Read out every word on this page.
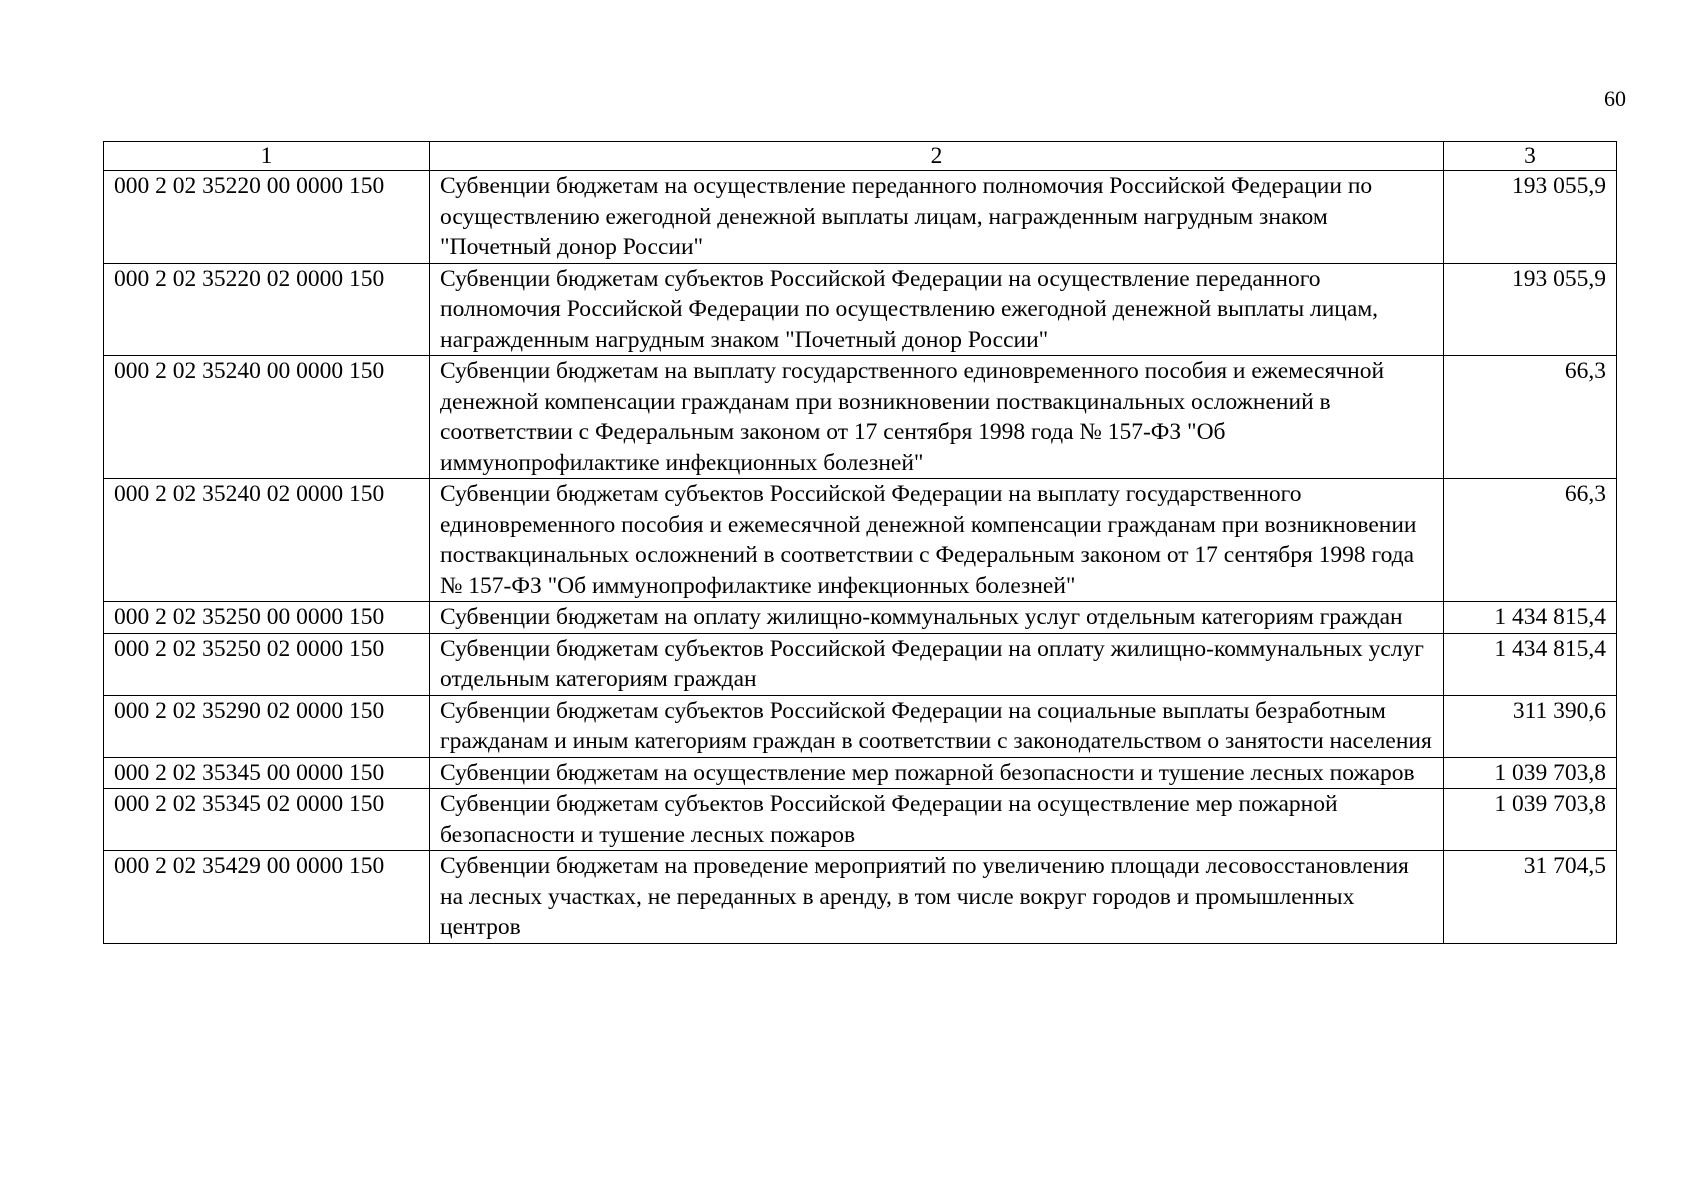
60
1	2	3
000 2 02 35220 00 0000 150	Субвенции бюджетам на осуществление переданного полномочия Российской Федерации по осуществлению ежегодной денежной выплаты лицам, награжденным нагрудным знаком "Почетный донор России"	193 055,9
000 2 02 35220 02 0000 150	Субвенции бюджетам субъектов Российской Федерации на осуществление переданного полномочия Российской Федерации по осуществлению ежегодной денежной выплаты лицам, награжденным нагрудным знаком "Почетный донор России"	193 055,9
000 2 02 35240 00 0000 150	Субвенции бюджетам на выплату государственного единовременного пособия и ежемесячной денежной компенсации гражданам при возникновении поствакцинальных осложнений в соответствии с Федеральным законом от 17 сентября 1998 года № 157-ФЗ "Об иммунопрофилактике инфекционных болезней"	66,3
000 2 02 35240 02 0000 150	Субвенции бюджетам субъектов Российской Федерации на выплату государственного единовременного пособия и ежемесячной денежной компенсации гражданам при возникновении поствакцинальных осложнений в соответствии с Федеральным законом от 17 сентября 1998 года № 157-ФЗ "Об иммунопрофилактике инфекционных болезней"	66,3
000 2 02 35250 00 0000 150	Субвенции бюджетам на оплату жилищно-коммунальных услуг отдельным категориям граждан	1 434 815,4
000 2 02 35250 02 0000 150	Субвенции бюджетам субъектов Российской Федерации на оплату жилищно-коммунальных услуг отдельным категориям граждан	1 434 815,4
000 2 02 35290 02 0000 150	Субвенции бюджетам субъектов Российской Федерации на социальные выплаты безработным гражданам и иным категориям граждан в соответствии с законодательством о занятости населения	311 390,6
000 2 02 35345 00 0000 150	Субвенции бюджетам на осуществление мер пожарной безопасности и тушение лесных пожаров	1 039 703,8
000 2 02 35345 02 0000 150	Субвенции бюджетам субъектов Российской Федерации на осуществление мер пожарной безопасности и тушение лесных пожаров	1 039 703,8
000 2 02 35429 00 0000 150	Субвенции бюджетам на проведение мероприятий по увеличению площади лесовосстановления на лесных участках, не переданных в аренду, в том числе вокруг городов и промышленных центров	31 704,5
